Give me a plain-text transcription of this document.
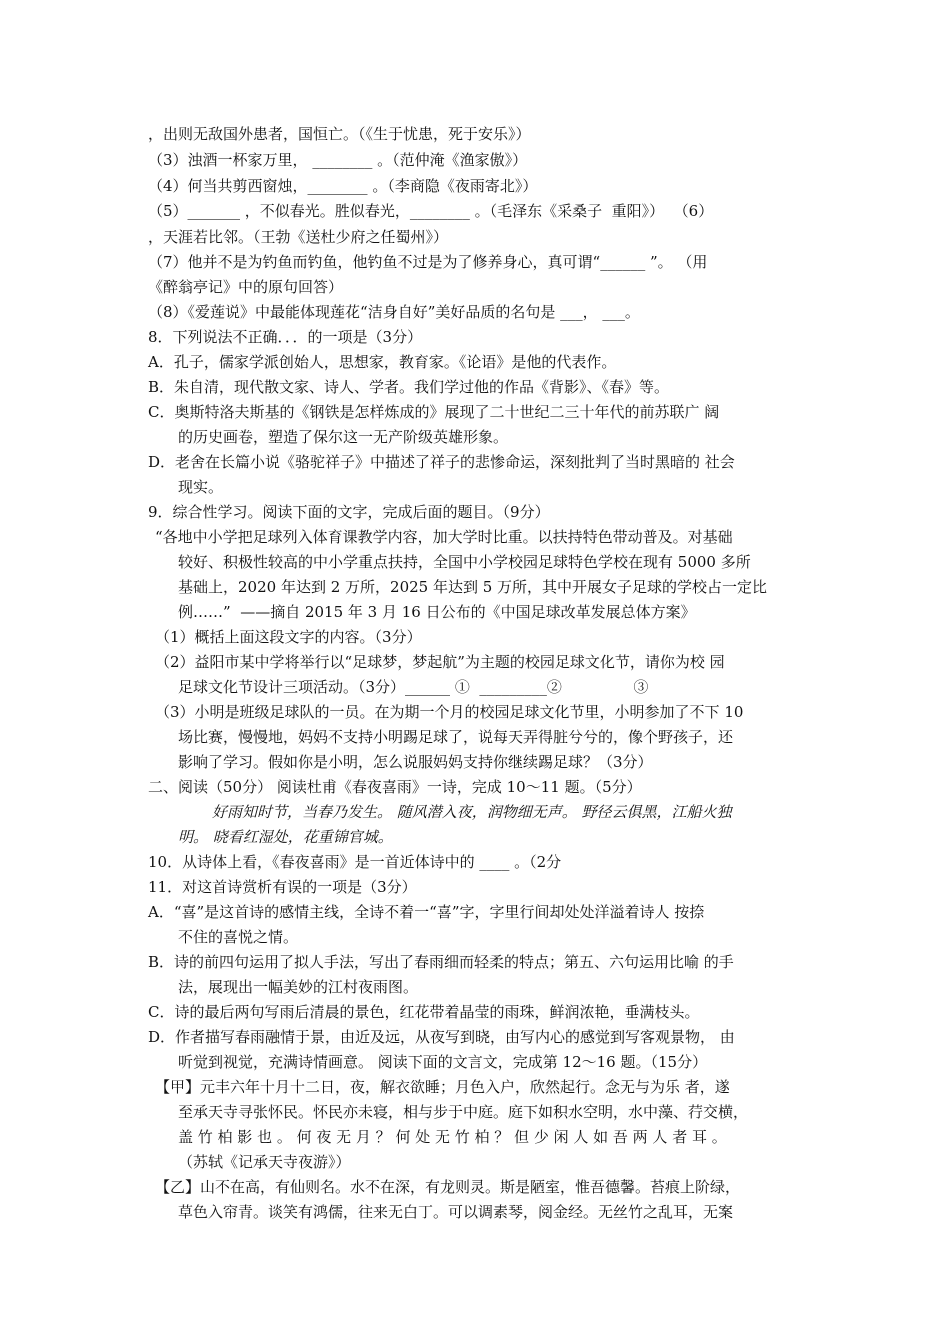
，出则无敌国外患者，国恒亡。（《生于忧患，死于安乐》）
（3）浊酒一杯家万里， ________ 。（范仲淹《渔家傲》）
（4）何当共剪西窗烛，________ 。（李商隐《夜雨寄北》）
（5）_______ ，不似春光。胜似春光，________ 。（毛泽东《采桑子  重阳》）  （6）
，天涯若比邻。（王勃《送杜少府之任蜀州》）
（7）他并不是为钓鱼而钓鱼，他钓鱼不过是为了修养身心，真可谓“______ ”。 （用
《醉翁亭记》中的原句回答）
（8）《爱莲说》中最能体现莲花“洁身自好”美好品质的名句是 ___， ___。
8．下列说法不正确．．．的一项是（3分）
A．孔子，儒家学派创始人，思想家，教育家。《论语》是他的代表作。
B．朱自清，现代散文家、诗人、学者。我们学过他的作品《背影》、《春》等。
C．奥斯特洛夫斯基的《钢铁是怎样炼成的》展现了二十世纪二三十年代的前苏联广 阔
的历史画卷，塑造了保尔这一无产阶级英雄形象。
D．老舍在长篇小说《骆驼祥子》中描述了祥子的悲惨命运，深刻批判了当时黑暗的 社会
现实。
9．综合性学习。阅读下面的文字，完成后面的题目。（9分）
“各地中小学把足球列入体育课教学内容，加大学时比重。以扶持特色带动普及。对基础
较好、积极性较高的中小学重点扶持，全国中小学校园足球特色学校在现有 5000 多所
基础上，2020 年达到 2 万所，2025 年达到 5 万所，其中开展女子足球的学校占一定比
例……”  ——摘自 2015 年 3 月 16 日公布的《中国足球改革发展总体方案》
（1）概括上面这段文字的内容。（3分）
（2）益阳市某中学将举行以“足球梦，梦起航”为主题的校园足球文化节，请你为校 园
足球文化节设计三项活动。（3分）______ ①  _________②               ③
（3）小明是班级足球队的一员。在为期一个月的校园足球文化节里，小明参加了不下 10
场比赛，慢慢地，妈妈不支持小明踢足球了，说每天弄得脏兮兮的，像个野孩子，还
影响了学习。假如你是小明，怎么说服妈妈支持你继续踢足球？（3分）
二、阅读（50分） 阅读杜甫《春夜喜雨》一诗，完成 10～11 题。（5分）
好雨知时节，当春乃发生。 随风潜入夜，润物细无声。 野径云俱黑，江船火独
明。 晓看红湿处，花重锦官城。
10．从诗体上看，《春夜喜雨》是一首近体诗中的 ____ 。（2分
11．对这首诗赏析有误的一项是（3分）
A．“喜”是这首诗的感情主线，全诗不着一“喜”字，字里行间却处处洋溢着诗人 按捺
不住的喜悦之情。
B．诗的前四句运用了拟人手法，写出了春雨细而轻柔的特点；第五、六句运用比喻 的手
法，展现出一幅美妙的江村夜雨图。
C．诗的最后两句写雨后清晨的景色，红花带着晶莹的雨珠，鲜润浓艳，垂满枝头。
D．作者描写春雨融情于景，由近及远，从夜写到晓，由写内心的感觉到写客观景物， 由
听觉到视觉，充满诗情画意。 阅读下面的文言文，完成第 12～16 题。（15分）
【甲】元丰六年十月十二日，夜，解衣欲睡；月色入户，欣然起行。念无与为乐 者，遂
至承天寺寻张怀民。怀民亦未寝，相与步于中庭。庭下如积水空明，水中藻、荇交横，
盖 竹 柏 影 也 。 何 夜 无 月 ？ 何 处 无 竹 柏 ？ 但 少 闲 人 如 吾 两 人 者 耳 。
（苏轼《记承天寺夜游》）
【乙】山不在高，有仙则名。水不在深，有龙则灵。斯是陋室，惟吾德馨。苔痕上阶绿，
草色入帘青。谈笑有鸿儒，往来无白丁。可以调素琴，阅金经。无丝竹之乱耳，无案
